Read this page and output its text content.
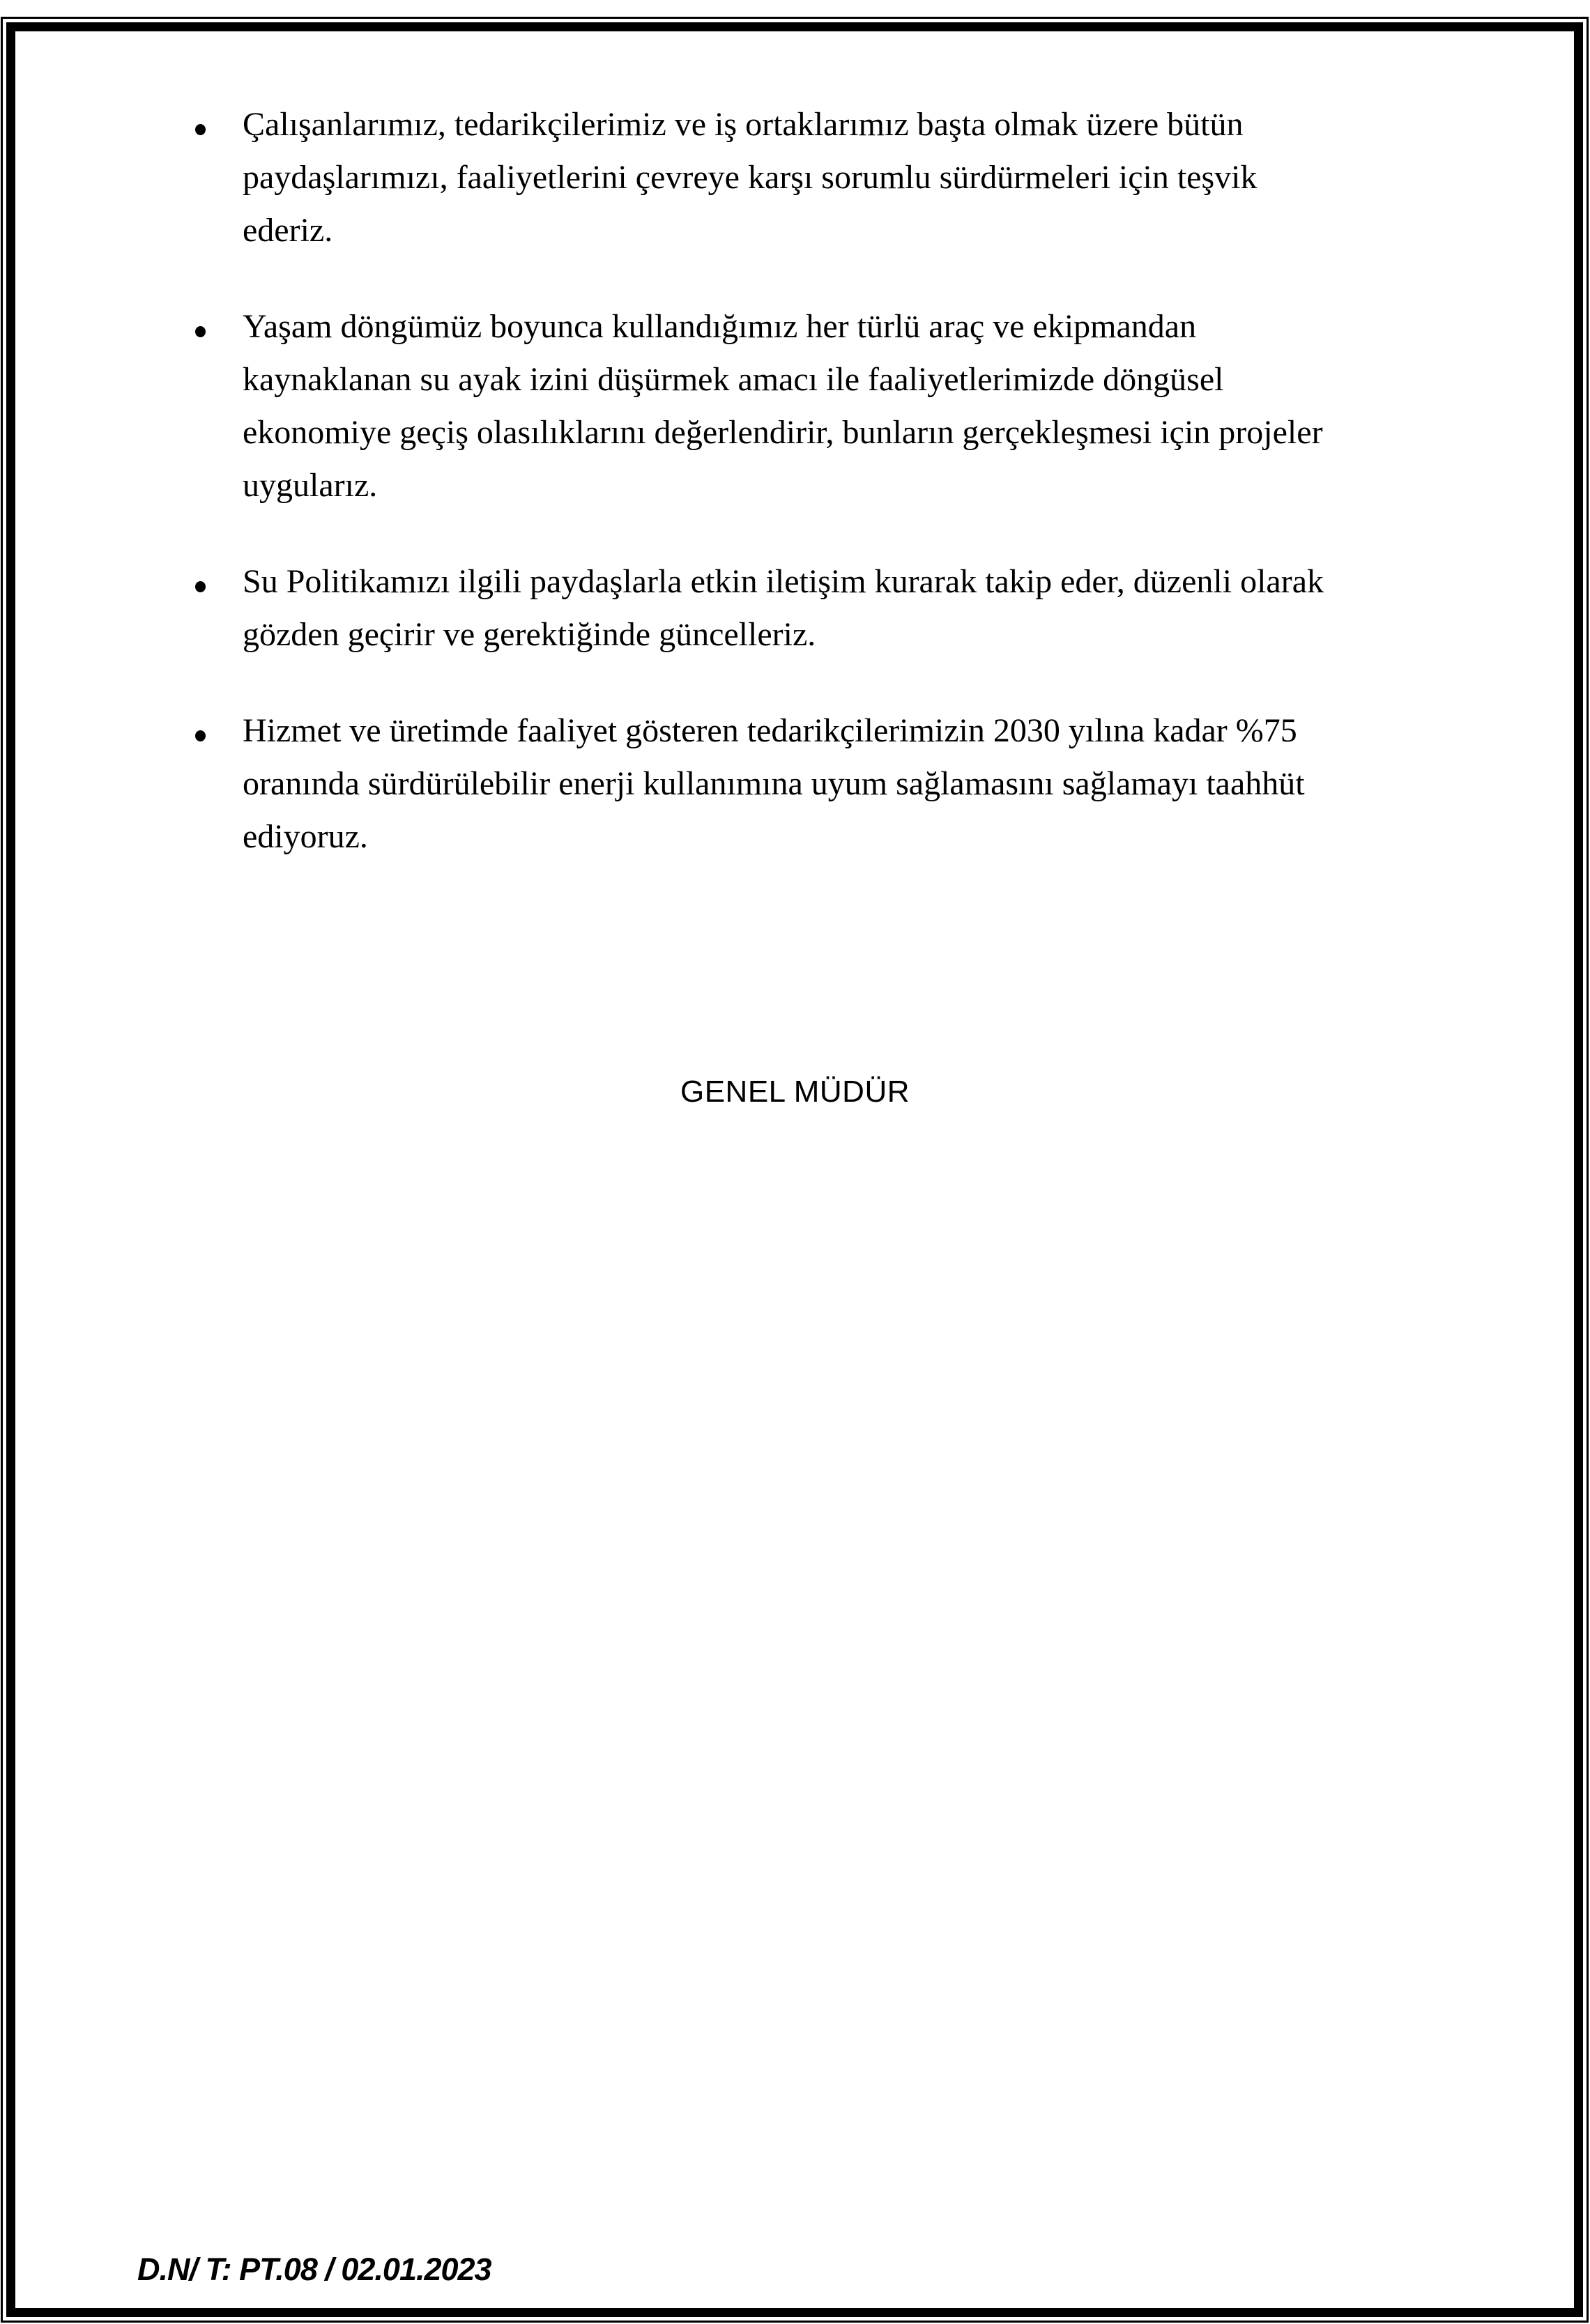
Çalışanlarımız, tedarikçilerimiz ve iş ortaklarımız başta olmak üzere bütün paydaşlarımızı, faaliyetlerini çevreye karşı sorumlu sürdürmeleri için teşvik ederiz.
Yaşam döngümüz boyunca kullandığımız her türlü araç ve ekipmandan kaynaklanan su ayak izini düşürmek amacı ile faaliyetlerimizde döngüsel ekonomiye geçiş olasılıklarını değerlendirir, bunların gerçekleşmesi için projeler uygularız.
Su Politikamızı ilgili paydaşlarla etkin iletişim kurarak takip eder, düzenli olarak gözden geçirir ve gerektiğinde güncelleriz.
Hizmet ve üretimde faaliyet gösteren tedarikçilerimizin 2030 yılına kadar %75 oranında sürdürülebilir enerji kullanımına uyum sağlamasını sağlamayı taahhüt ediyoruz.
GENEL MÜDÜR
D.N/ T: PT.08 / 02.01.2023
